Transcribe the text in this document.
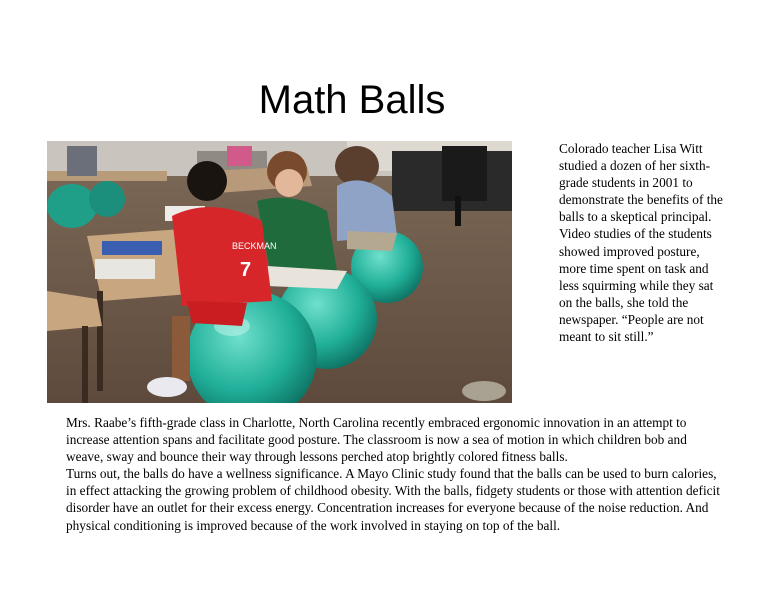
Math Balls
BECKMAN
7
Colorado teacher Lisa Witt studied a dozen of her sixth-grade students in 2001 to demonstrate the benefits of the balls to a skeptical principal. Video studies of the students showed improved posture, more time spent on task and less squirming while they sat on the balls, she told the newspaper. “People are not meant to sit still.”

Mrs. Raabe’s fifth-grade class in Charlotte, North Carolina recently embraced ergonomic innovation in an attempt to increase attention spans and facilitate good posture. The classroom is now a sea of motion in which children bob and weave, sway and bounce their way through lessons perched atop brightly colored fitness balls.

Turns out, the balls do have a wellness significance. A Mayo Clinic study found that the balls can be used to burn calories, in effect attacking the growing problem of childhood obesity. With the balls, fidgety students or those with attention deficit disorder have an outlet for their excess energy. Concentration increases for everyone because of the noise reduction. And physical conditioning is improved because of the work involved in staying on top of the ball.
